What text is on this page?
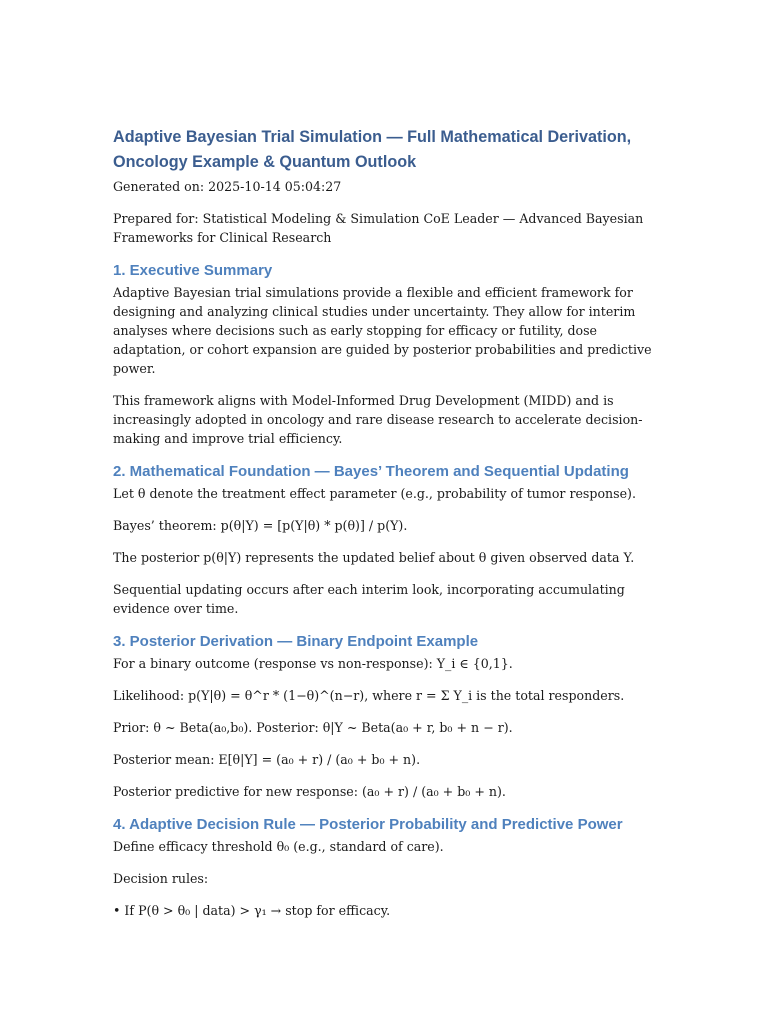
Adaptive Bayesian Trial Simulation — Full Mathematical Derivation, Oncology Example & Quantum Outlook

Generated on: 2025-10-14 05:04:27

Prepared for: Statistical Modeling & Simulation CoE Leader — Advanced Bayesian Frameworks for Clinical Research

1. Executive Summary

Adaptive Bayesian trial simulations provide a flexible and efficient framework for designing and analyzing clinical studies under uncertainty. They allow for interim analyses where decisions such as early stopping for efficacy or futility, dose adaptation, or cohort expansion are guided by posterior probabilities and predictive power.

This framework aligns with Model-Informed Drug Development (MIDD) and is increasingly adopted in oncology and rare disease research to accelerate decision-making and improve trial efficiency.

2. Mathematical Foundation — Bayes’ Theorem and Sequential Updating

Let θ denote the treatment effect parameter (e.g., probability of tumor response).

Bayes’ theorem: p(θ|Y) = [p(Y|θ) * p(θ)] / p(Y).

The posterior p(θ|Y) represents the updated belief about θ given observed data Y.

Sequential updating occurs after each interim look, incorporating accumulating evidence over time.

3. Posterior Derivation — Binary Endpoint Example

For a binary outcome (response vs non-response): Y_i ∈ {0,1}.

Likelihood: p(Y|θ) = θ^r * (1−θ)^(n−r), where r = Σ Y_i is the total responders.

Prior: θ ~ Beta(a₀,b₀). Posterior: θ|Y ~ Beta(a₀ + r, b₀ + n − r).

Posterior mean: E[θ|Y] = (a₀ + r) / (a₀ + b₀ + n).

Posterior predictive for new response: (a₀ + r) / (a₀ + b₀ + n).

4. Adaptive Decision Rule — Posterior Probability and Predictive Power

Define efficacy threshold θ₀ (e.g., standard of care).

Decision rules:

• If P(θ > θ₀ | data) > γ₁ → stop for efficacy.
